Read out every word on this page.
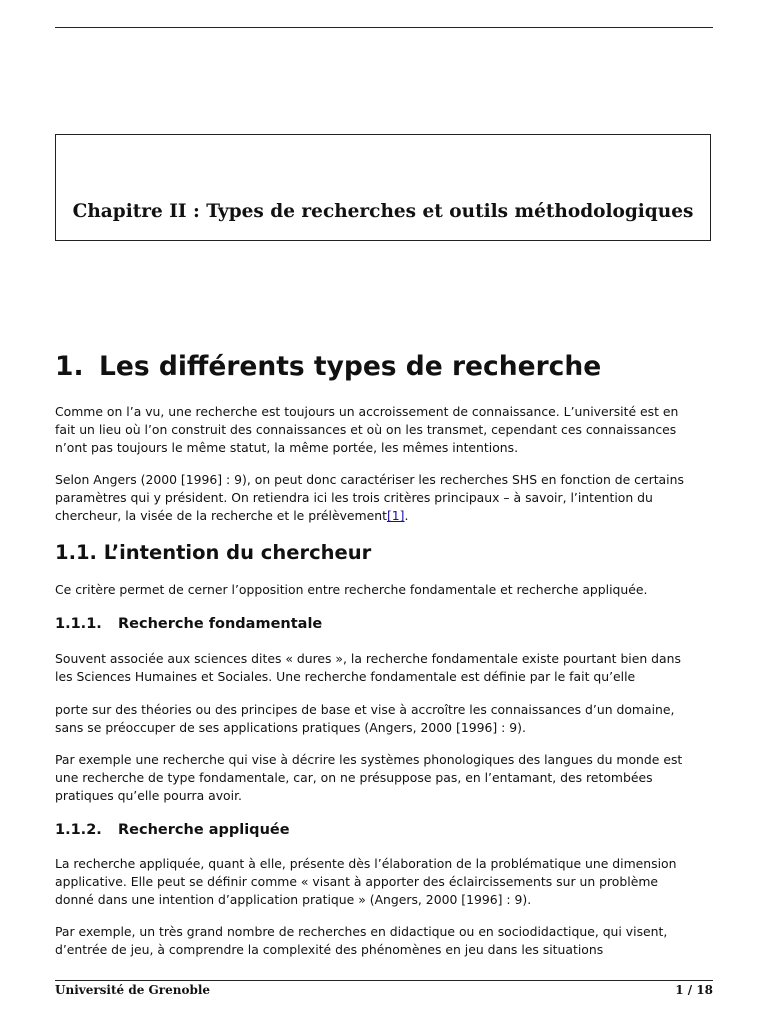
Chapitre II : Types de recherches et outils méthodologiques
1. Les différents types de recherche
Comme on l’a vu, une recherche est toujours un accroissement de connaissance. L’université est en
fait un lieu où l’on construit des connaissances et où on les transmet, cependant ces connaissances
n’ont pas toujours le même statut, la même portée, les mêmes intentions.
Selon Angers (2000 [1996] : 9), on peut donc caractériser les recherches SHS en fonction de certains
paramètres qui y président. On retiendra ici les trois critères principaux – à savoir, l’intention du
chercheur, la visée de la recherche et le prélèvement[1].
1.1. L’intention du chercheur
Ce critère permet de cerner l’opposition entre recherche fondamentale et recherche appliquée.
1.1.1. Recherche fondamentale
Souvent associée aux sciences dites « dures », la recherche fondamentale existe pourtant bien dans
les Sciences Humaines et Sociales. Une recherche fondamentale est définie par le fait qu’elle
porte sur des théories ou des principes de base et vise à accroître les connaissances d’un domaine,
sans se préoccuper de ses applications pratiques (Angers, 2000 [1996] : 9).
Par exemple une recherche qui vise à décrire les systèmes phonologiques des langues du monde est
une recherche de type fondamentale, car, on ne présuppose pas, en l’entamant, des retombées
pratiques qu’elle pourra avoir.
1.1.2. Recherche appliquée
La recherche appliquée, quant à elle, présente dès l’élaboration de la problématique une dimension
applicative. Elle peut se définir comme « visant à apporter des éclaircissements sur un problème
donné dans une intention d’application pratique » (Angers, 2000 [1996] : 9).
Par exemple, un très grand nombre de recherches en didactique ou en sociodidactique, qui visent,
d’entrée de jeu, à comprendre la complexité des phénomènes en jeu dans les situations
Université de Grenoble	1 / 18
